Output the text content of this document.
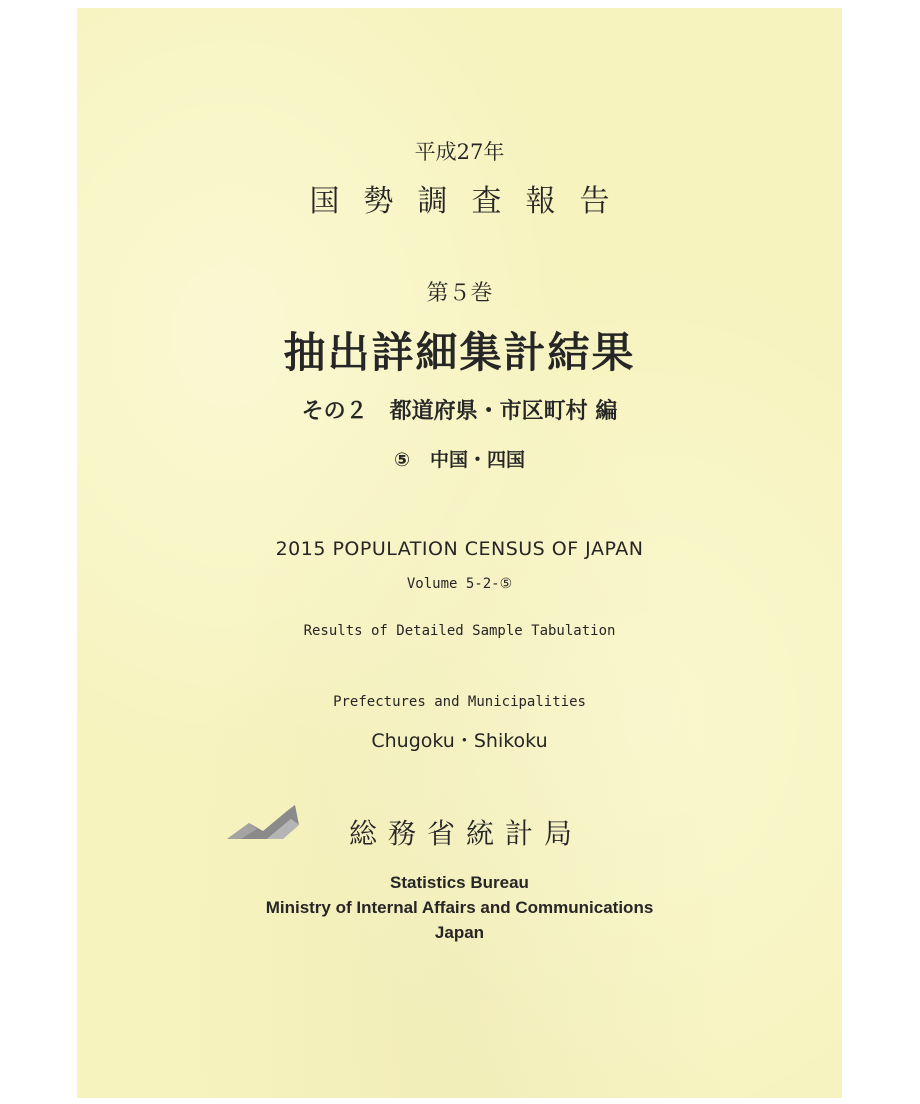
平成27年
国勢調査報告
第５巻
抽出詳細集計結果
その２ 都道府県・市区町村 編
⑤ 中国・四国
2015 POPULATION CENSUS OF JAPAN
Volume 5-2-⑤
Results of Detailed Sample Tabulation
Prefectures and Municipalities
Chugoku・Shikoku
総務省統計局
Statistics Bureau
Ministry of Internal Affairs and Communications
Japan
